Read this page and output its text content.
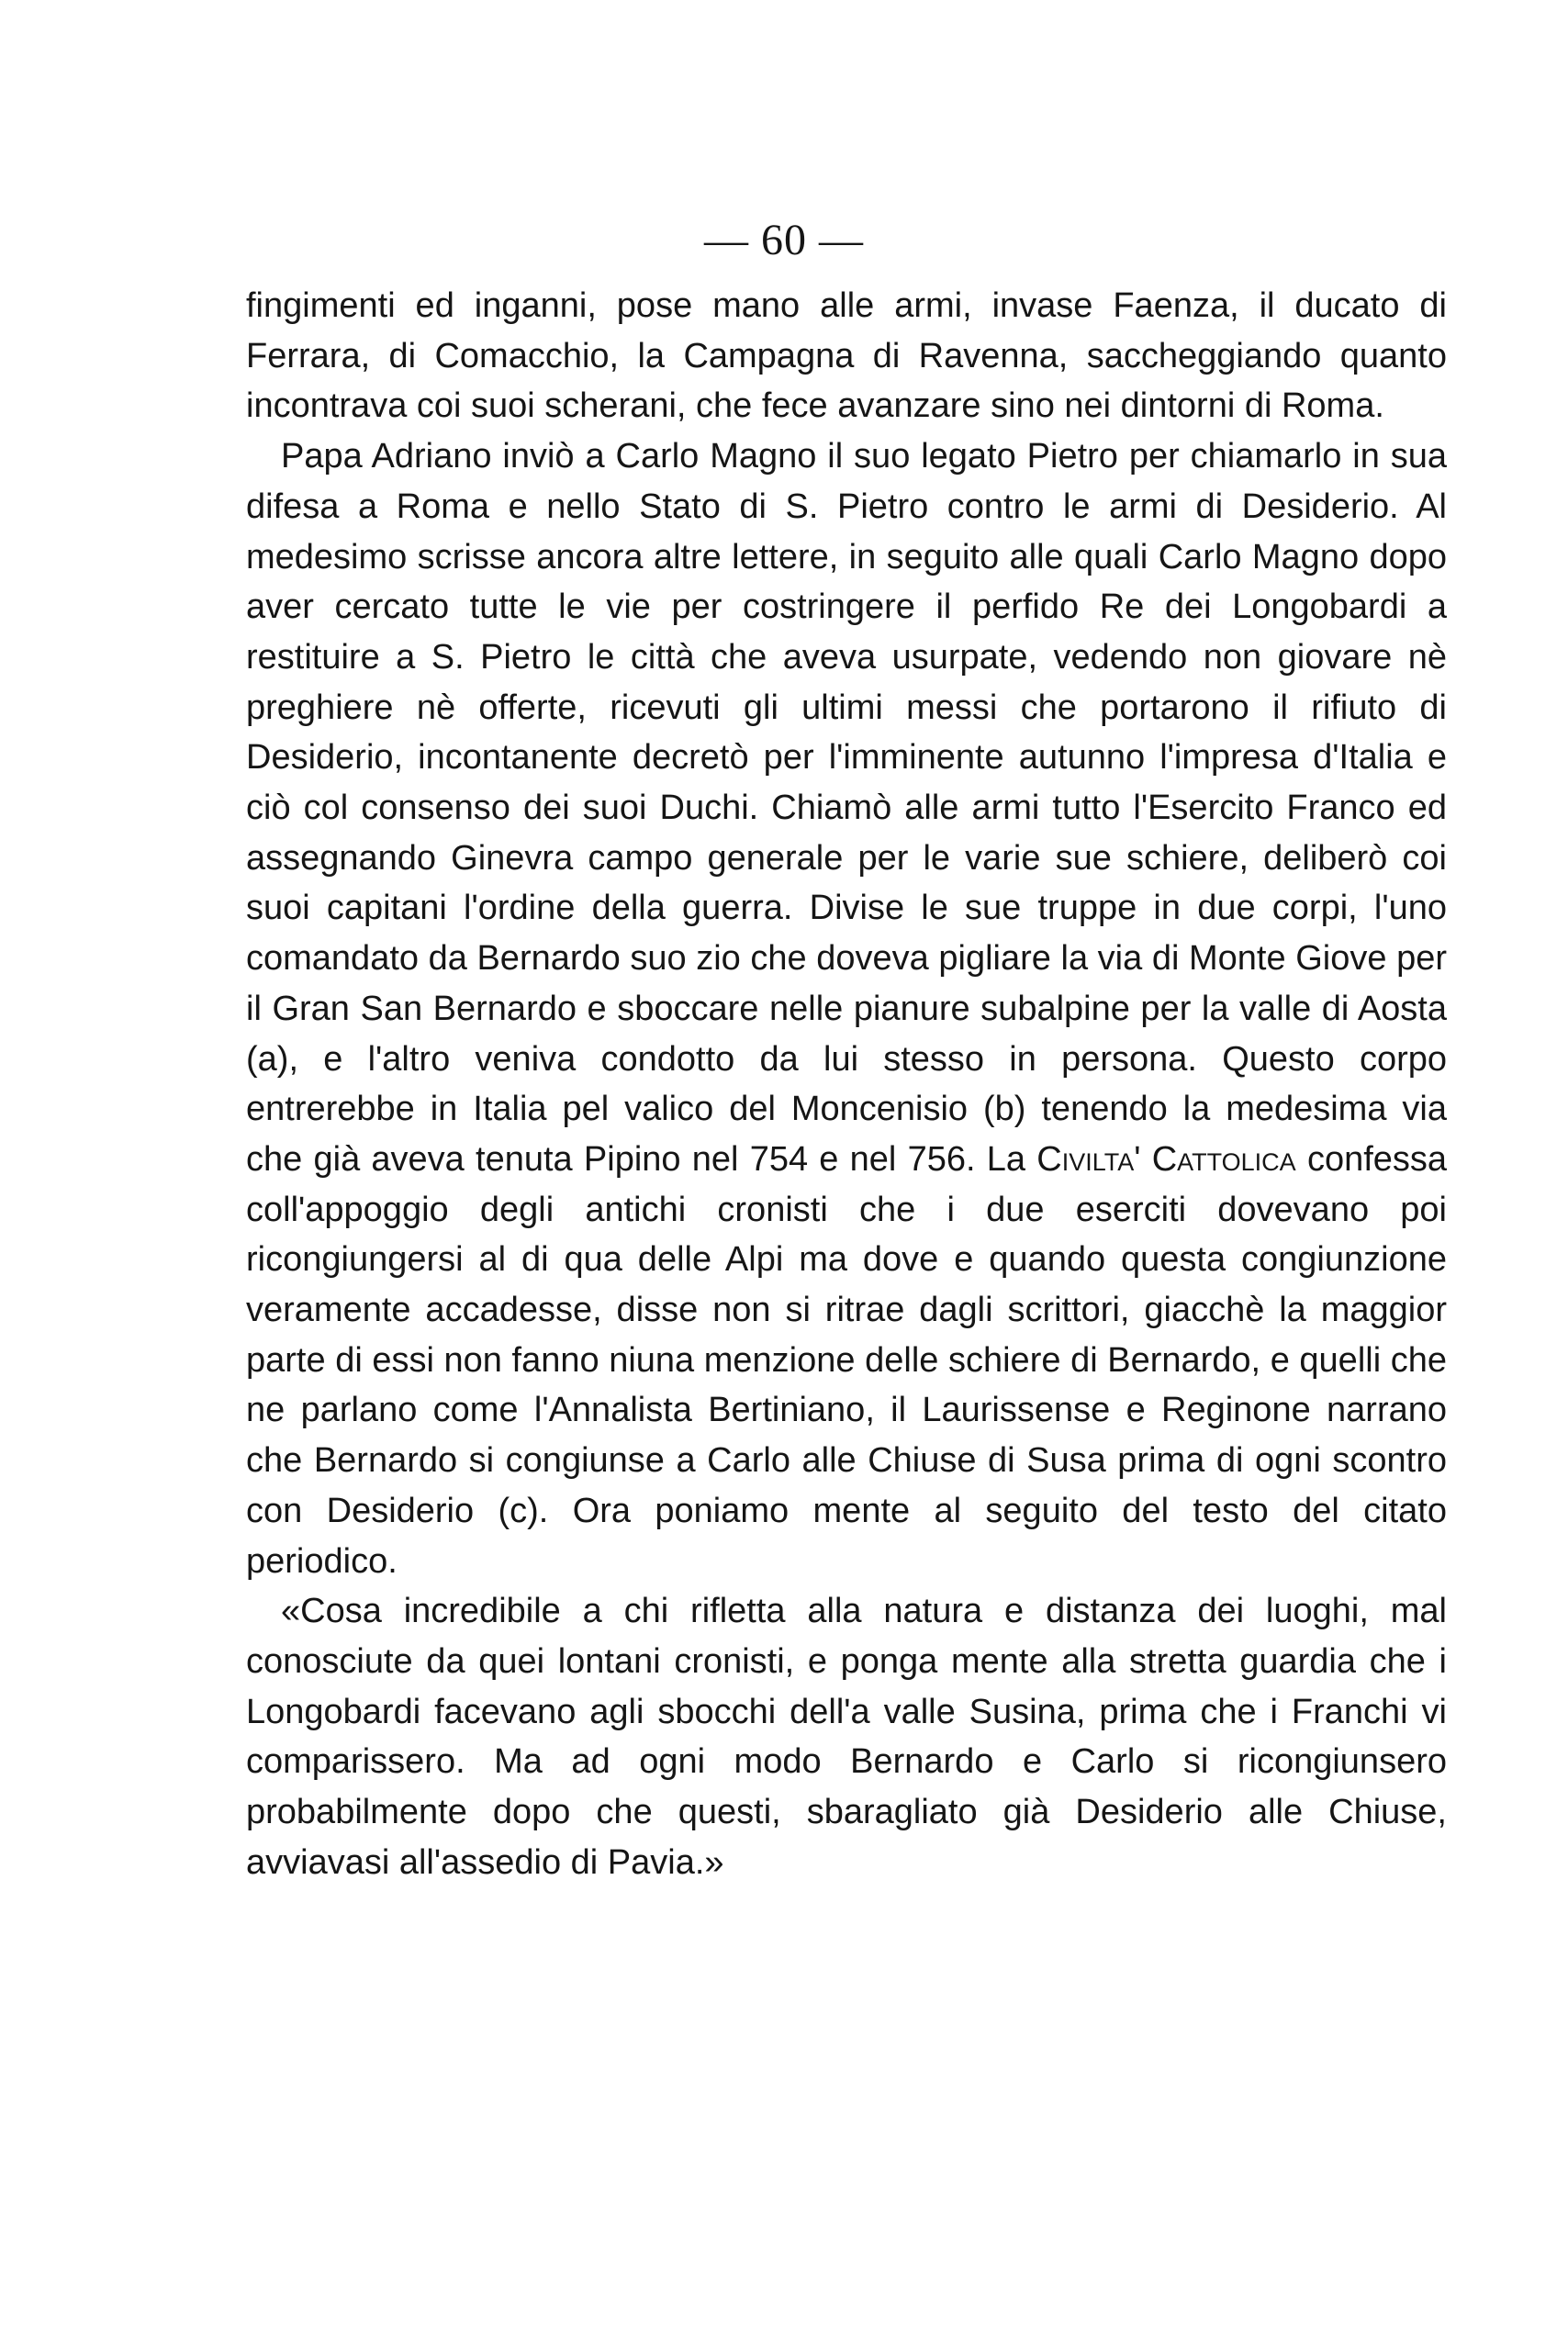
— 60 —

fingimenti ed inganni, pose mano alle armi, invase Faenza, il ducato di Ferrara, di Comacchio, la Campagna di Ravenna, saccheggiando quanto incontrava coi suoi scherani, che fece avanzare sino nei dintorni di Roma.

Papa Adriano inviò a Carlo Magno il suo legato Pietro per chiamarlo in sua difesa a Roma e nello Stato di S. Pietro contro le armi di Desiderio. Al medesimo scrisse ancora altre lettere, in seguito alle quali Carlo Magno dopo aver cercato tutte le vie per costringere il perfido Re dei Longobardi a restituire a S. Pietro le città che aveva usurpate, vedendo non giovare nè preghiere nè offerte, ricevuti gli ultimi messi che portarono il rifiuto di Desiderio, incontanente decretò per l'imminente autunno l'impresa d'Italia e ciò col consenso dei suoi Duchi. Chiamò alle armi tutto l'Esercito Franco ed assegnando Ginevra campo generale per le varie sue schiere, deliberò coi suoi capitani l'ordine della guerra. Divise le sue truppe in due corpi, l'uno comandato da Bernardo suo zio che doveva pigliare la via di Monte Giove per il Gran San Bernardo e sboccare nelle pianure subalpine per la valle di Aosta (a), e l'altro veniva condotto da lui stesso in persona. Questo corpo entrerebbe in Italia pel valico del Moncenisio (b) tenendo la medesima via che già aveva tenuta Pipino nel 754 e nel 756. La Civilta' Cattolica confessa coll'appoggio degli antichi cronisti che i due eserciti dovevano poi ricongiungersi al di qua delle Alpi ma dove e quando questa congiunzione veramente accadesse, disse non si ritrae dagli scrittori, giacchè la maggior parte di essi non fanno niuna menzione delle schiere di Bernardo, e quelli che ne parlano come l'Annalista Bertiniano, il Laurissense e Reginone narrano che Bernardo si congiunse a Carlo alle Chiuse di Susa prima di ogni scontro con Desiderio (c). Ora poniamo mente al seguito del testo del citato periodico.

«Cosa incredibile a chi rifletta alla natura e distanza dei luoghi, mal conosciute da quei lontani cronisti, e ponga mente alla stretta guardia che i Longobardi facevano agli sbocchi dell'a valle Susina, prima che i Franchi vi comparissero. Ma ad ogni modo Bernardo e Carlo si ricongiunsero probabilmente dopo che questi, sbaragliato già Desiderio alle Chiuse, avviavasi all'assedio di Pavia.»
